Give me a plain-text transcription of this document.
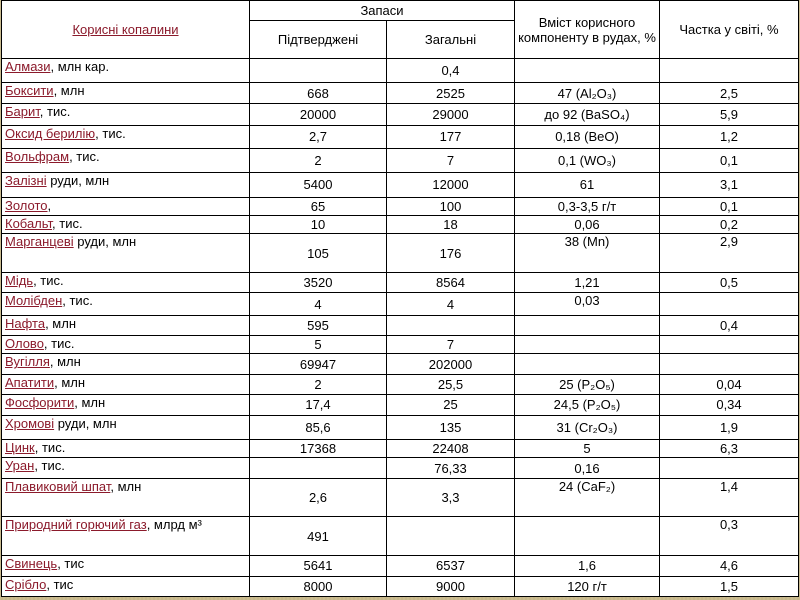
Корисні копалини	Запаси		Вміст корисного компоненту в рудах, %	Частка у світі, %
	Підтверджені	Загальні		
Алмази, млн кар.		0,4		
Боксити, млн	668	2525	47 (Al₂O₃)	2,5
Барит, тис.	20000	29000	до 92 (BaSO₄)	5,9
Оксид берилію, тис.	2,7	177	0,18 (BeO)	1,2
Вольфрам, тис.	2	7	0,1 (WO₃)	0,1
Залізні руди, млн	5400	12000	61	3,1
Золото,	65	100	0,3-3,5 г/т	0,1
Кобальт, тис.	10	18	0,06	0,2
Марганцеві руди, млн	105	176	38 (Mn)	2,9
Мідь, тис.	3520	8564	1,21	0,5
Молібден, тис.	4	4	0,03	
Нафта, млн	595			0,4
Олово, тис.	5	7		
Вугілля, млн	69947	202000		
Апатити, млн	2	25,5	25 (P₂O₅)	0,04
Фосфорити, млн	17,4	25	24,5 (P₂O₅)	0,34
Хромові руди, млн	85,6	135	31 (Cr₂O₃)	1,9
Цинк, тис.	17368	22408	5	6,3
Уран, тис.		76,33	0,16	
Плавиковий шпат, млн	2,6	3,3	24 (CaF₂)	1,4
Природний горючий газ, млрд м³	491			0,3
Свинець, тис	5641	6537	1,6	4,6
Срібло, тис	8000	9000	120 г/т	1,5
